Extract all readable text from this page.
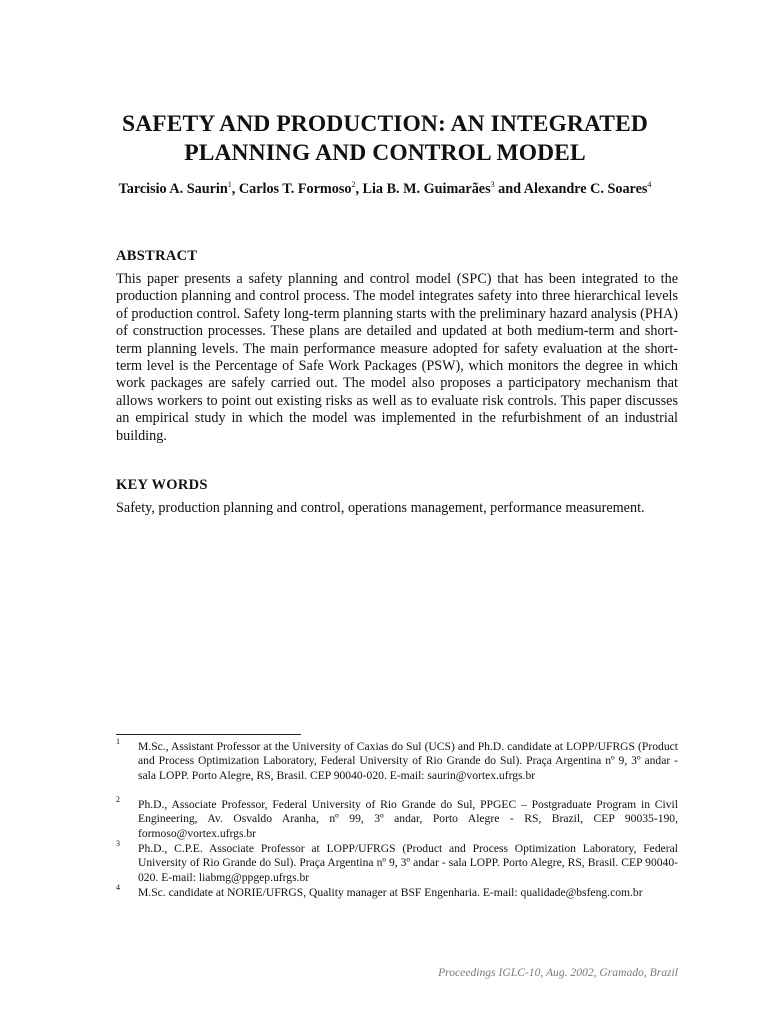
SAFETY AND PRODUCTION: AN INTEGRATED
PLANNING AND CONTROL MODEL
Tarcisio A. Saurin$^1$, Carlos T. Formoso$^2$, Lia B. M. Guimarães$^3$ and Alexandre C. Soares$^4$
ABSTRACT
This paper presents a safety planning and control model (SPC) that has been integrated to the production planning and control process. The model integrates safety into three hierarchical levels of production control. Safety long-term planning starts with the preliminary hazard analysis (PHA) of construction processes. These plans are detailed and updated at both medium-term and short-term planning levels. The main performance measure adopted for safety evaluation at the short-term level is the Percentage of Safe Work Packages (PSW), which monitors the degree in which work packages are safely carried out. The model also proposes a participatory mechanism that allows workers to point out existing risks as well as to evaluate risk controls. This paper discusses an empirical study in which the model was implemented in the refurbishment of an industrial building.
KEY WORDS
Safety, production planning and control, operations management, performance measurement.
1 M.Sc., Assistant Professor at the University of Caxias do Sul (UCS) and Ph.D. candidate at LOPP/UFRGS (Product and Process Optimization Laboratory, Federal University of Rio Grande do Sul). Praça Argentina nº 9, 3º andar - sala LOPP. Porto Alegre, RS, Brasil. CEP 90040-020. E-mail: saurin@vortex.ufrgs.br
2 Ph.D., Associate Professor, Federal University of Rio Grande do Sul, PPGEC – Postgraduate Program in Civil Engineering, Av. Osvaldo Aranha, nº 99, 3º andar, Porto Alegre - RS, Brazil, CEP 90035-190, formoso@vortex.ufrgs.br
3 Ph.D., C.P.E. Associate Professor at LOPP/UFRGS (Product and Process Optimization Laboratory, Federal University of Rio Grande do Sul). Praça Argentina nº 9, 3º andar - sala LOPP. Porto Alegre, RS, Brasil. CEP 90040-020. E-mail: liabmg@ppgep.ufrgs.br
4 M.Sc. candidate at NORIE/UFRGS, Quality manager at BSF Engenharia. E-mail: qualidade@bsfeng.com.br
Proceedings IGLC-10, Aug. 2002, Gramado, Brazil
